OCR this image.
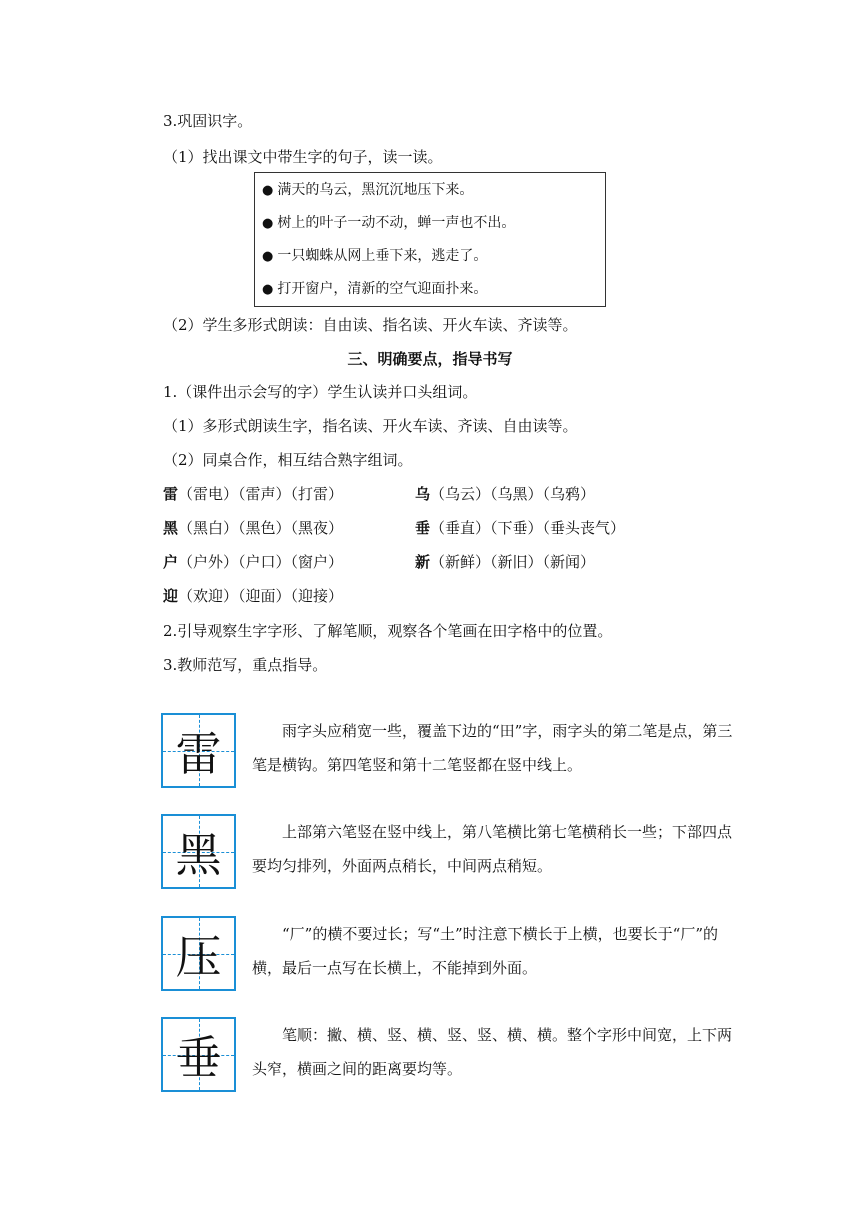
3.巩固识字。
（1）找出课文中带生字的句子，读一读。
● 满天的乌云，黑沉沉地压下来。
● 树上的叶子一动不动，蝉一声也不出。
● 一只蜘蛛从网上垂下来，逃走了。
● 打开窗户，清新的空气迎面扑来。
（2）学生多形式朗读：自由读、指名读、开火车读、齐读等。
三、明确要点，指导书写
1.（课件出示会写的字）学生认读并口头组词。
（1）多形式朗读生字，指名读、开火车读、齐读、自由读等。
（2）同桌合作，相互结合熟字组词。
雷（雷电）（雷声）（打雷）	乌（乌云）（乌黑）（乌鸦）
黑（黑白）（黑色）（黑夜）	垂（垂直）（下垂）（垂头丧气）
户（户外）（户口）（窗户）	新（新鲜）（新旧）（新闻）
迎（欢迎）（迎面）（迎接）
2.引导观察生字字形、了解笔顺，观察各个笔画在田字格中的位置。
3.教师范写，重点指导。
雷	雨字头应稍宽一些，覆盖下边的“田”字，雨字头的第二笔是点，第三笔是横钩。第四笔竖和第十二笔竖都在竖中线上。
黑	上部第六笔竖在竖中线上，第八笔横比第七笔横稍长一些；下部四点要均匀排列，外面两点稍长，中间两点稍短。
压	“厂”的横不要过长；写“土”时注意下横长于上横，也要长于“厂”的横，最后一点写在长横上，不能掉到外面。
垂	笔顺：撇、横、竖、横、竖、竖、横、横。整个字形中间宽，上下两头窄，横画之间的距离要均等。
